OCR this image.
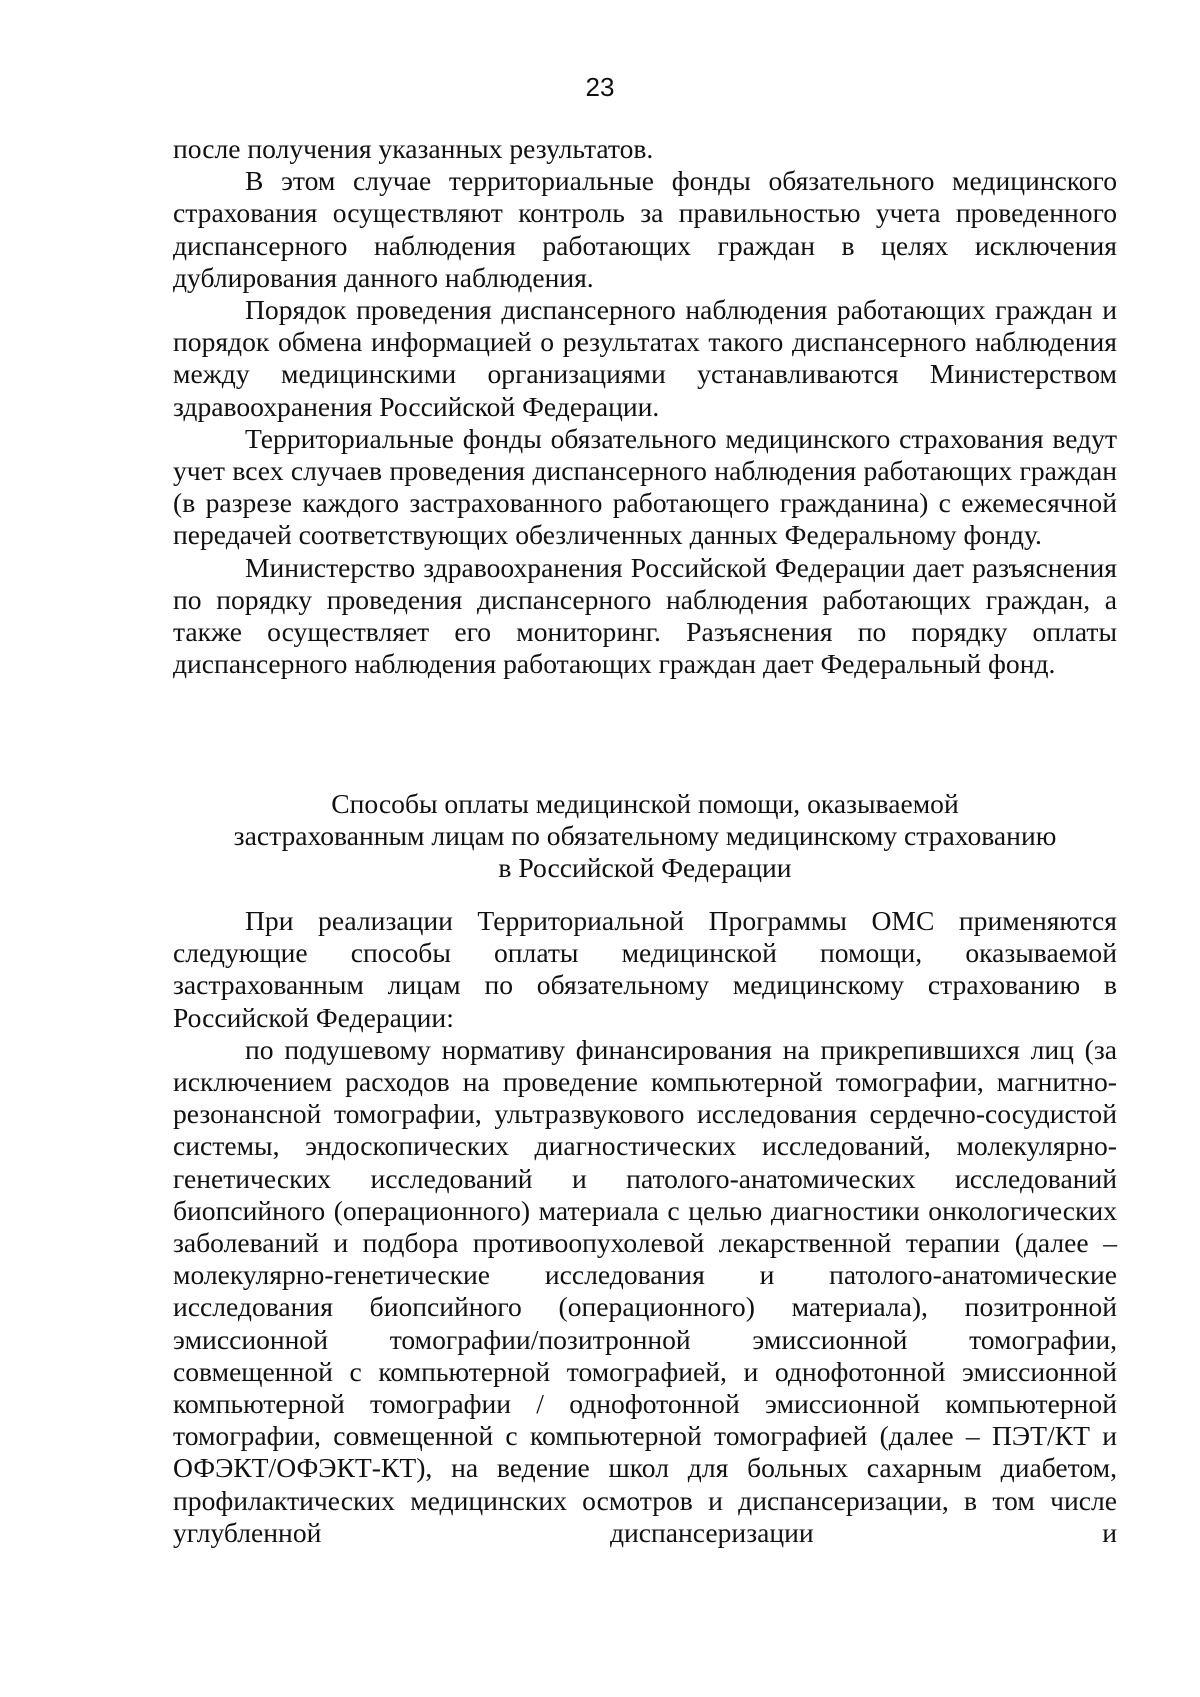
23

после получения указанных результатов.

В этом случае территориальные фонды обязательного медицинского страхования осуществляют контроль за правильностью учета проведенного диспансерного наблюдения работающих граждан в целях исключения дублирования данного наблюдения.

Порядок проведения диспансерного наблюдения работающих граждан и порядок обмена информацией о результатах такого диспансерного наблюдения между медицинскими организациями устанавливаются Министерством здравоохранения Российской Федерации.

Территориальные фонды обязательного медицинского страхования ведут учет всех случаев проведения диспансерного наблюдения работающих граждан (в разрезе каждого застрахованного работающего гражданина) с ежемесячной передачей соответствующих обезличенных данных Федеральному фонду.

Министерство здравоохранения Российской Федерации дает разъяснения по порядку проведения диспансерного наблюдения работающих граждан, а также осуществляет его мониторинг. Разъяснения по порядку оплаты диспансерного наблюдения работающих граждан дает Федеральный фонд.

Способы оплаты медицинской помощи, оказываемой
застрахованным лицам по обязательному медицинскому страхованию
в Российской Федерации

При реализации Территориальной Программы ОМС применяются следующие способы оплаты медицинской помощи, оказываемой застрахованным лицам по обязательному медицинскому страхованию в Российской Федерации:

по подушевому нормативу финансирования на прикрепившихся лиц (за исключением расходов на проведение компьютерной томографии, магнитно-резонансной томографии, ультразвукового исследования сердечно-сосудистой системы, эндоскопических диагностических исследований, молекулярно-генетических исследований и патолого-анатомических исследований биопсийного (операционного) материала с целью диагностики онкологических заболеваний и подбора противоопухолевой лекарственной терапии (далее – молекулярно-генетические исследования и патолого-анатомические исследования биопсийного (операционного) материала), позитронной эмиссионной томографии/позитронной эмиссионной томографии, совмещенной с компьютерной томографией, и однофотонной эмиссионной компьютерной томографии / однофотонной эмиссионной компьютерной томографии, совмещенной с компьютерной томографией (далее – ПЭТ/КТ и ОФЭКТ/ОФЭКТ-КТ), на ведение школ для больных сахарным диабетом, профилактических медицинских осмотров и диспансеризации, в том числе углубленной диспансеризации и
